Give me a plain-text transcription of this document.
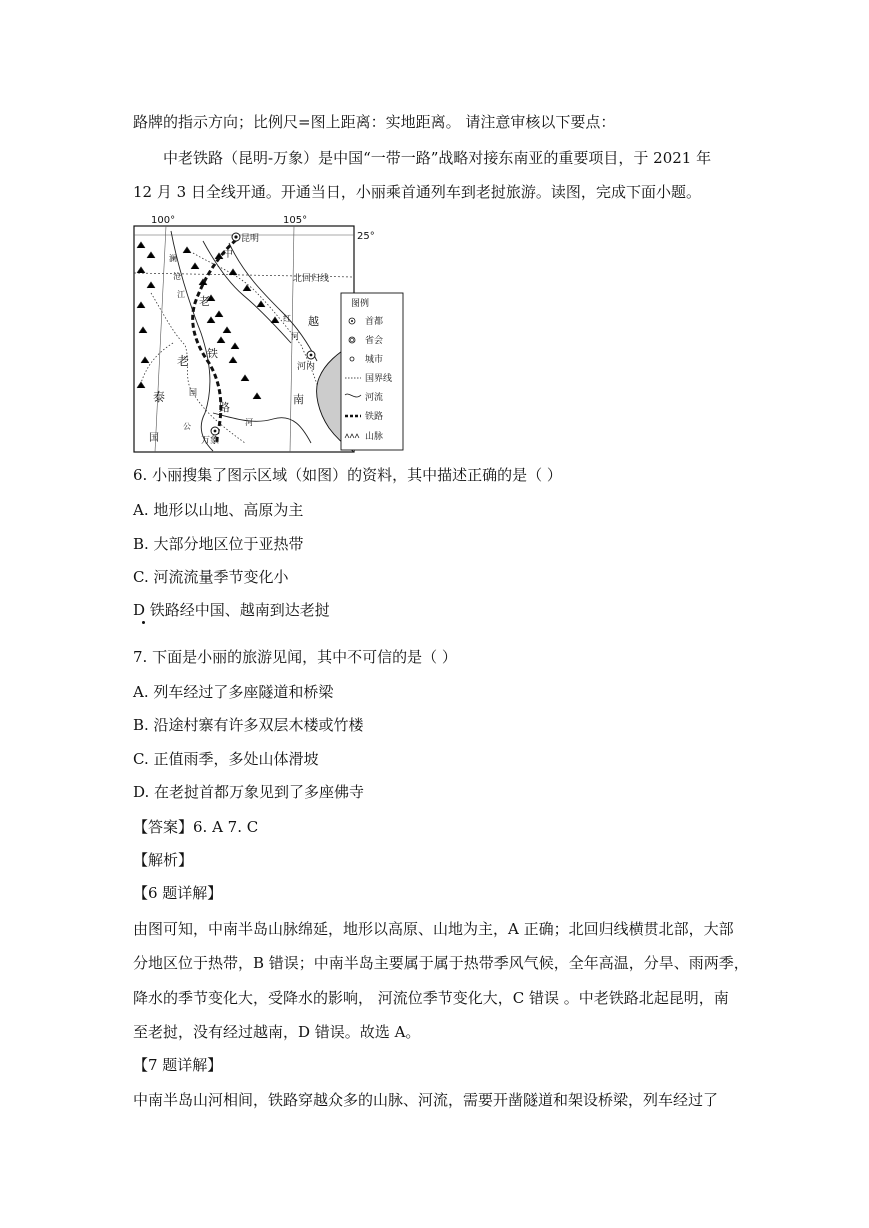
路牌的指示方向；比例尺=图上距离：实地距离。 请注意审核以下要点：
中老铁路（昆明-万象）是中国“一带一路”战略对接东南亚的重要项目，于 2021 年
12 月 3 日全线开通。开通当日，小丽乘首通列车到老挝旅游。读图，完成下面小题。
100°	105°
25°
北回归线
昆明
中
河内
万象
老
铁
路
老
泰
国
越
南
澜
沧
江
红
河
国
公	河
图例
首都
省会
城市
国界线
河流
铁路
山脉
6. 小丽搜集了图示区域（如图）的资料，其中描述正确的是（ ）
A. 地形以山地、高原为主
B. 大部分地区位于亚热带
C. 河流流量季节变化小
D 铁路经中国、越南到达老挝
7. 下面是小丽的旅游见闻，其中不可信的是（ ）
A. 列车经过了多座隧道和桥梁
B. 沿途村寨有许多双层木楼或竹楼
C. 正值雨季，多处山体滑坡
D. 在老挝首都万象见到了多座佛寺
【答案】6. A 7. C
【解析】
【6 题详解】
由图可知，中南半岛山脉绵延，地形以高原、山地为主，A 正确；北回归线横贯北部，大部
分地区位于热带，B 错误；中南半岛主要属于属于热带季风气候，全年高温，分旱、雨两季，
降水的季节变化大，受降水的影响， 河流位季节变化大，C 错误 。中老铁路北起昆明，南
至老挝，没有经过越南，D 错误。故选 A。
【7 题详解】
中南半岛山河相间，铁路穿越众多的山脉、河流，需要开凿隧道和架设桥梁，列车经过了
